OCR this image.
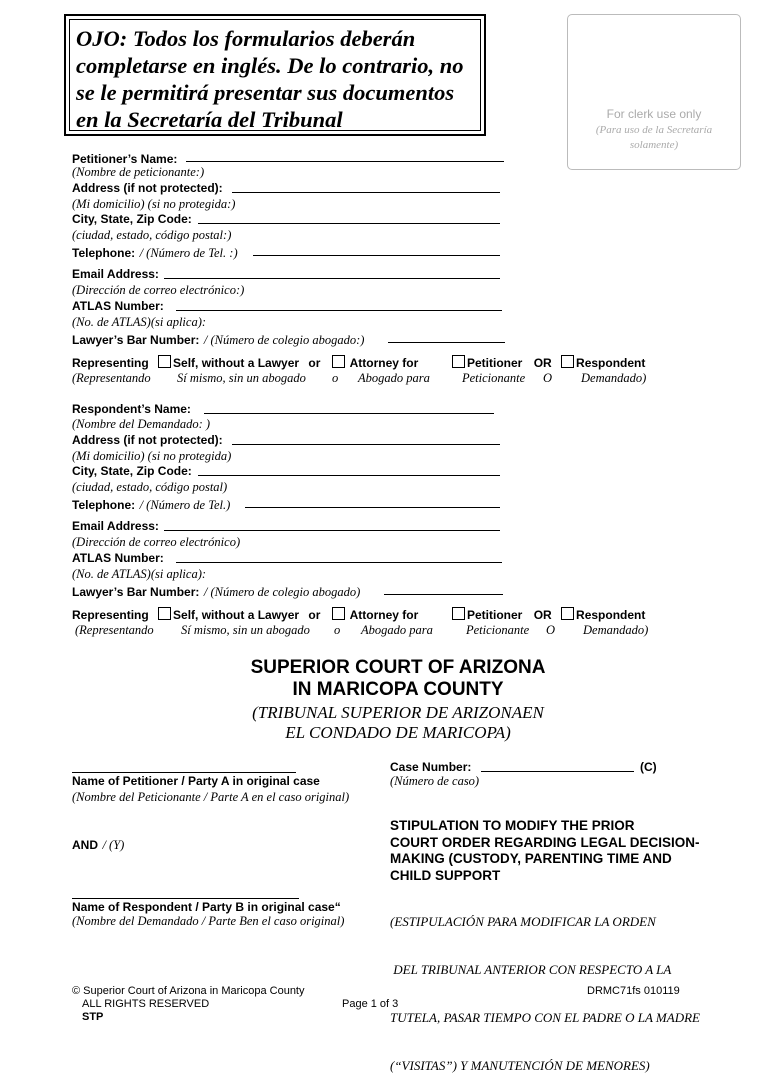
OJO: Todos los formularios deberán
completarse en inglés. De lo contrario, no
se le permitirá presentar sus documentos
en la Secretaría del Tribunal	For clerk use only
(Para uso de la Secretaría
solamente)
Petitioner’s Name:
(Nombre de peticionante:)
Address (if not protected):
(Mi domicilio) (si no protegida:)
City, State, Zip Code:
(ciudad, estado, código postal:)
Telephone: / (Número de Tel. :)
Email Address:
(Dirección de correo electrónico:)
ATLAS Number:
(No. de ATLAS)(si aplica):
Lawyer’s Bar Number: / (Número de colegio abogado:)
Representing Self, without a Lawyer or Attorney for	Petitioner OR Respondent
(Representando Sí mismo, sin un abogado o Abogado para	Peticionante O Demandado)
Respondent’s Name:
(Nombre del Demandado: )
Address (if not protected):
(Mi domicilio) (si no protegida)
City, State, Zip Code:
(ciudad, estado, código postal)
Telephone: / (Número de Tel.)
Email Address:
(Dirección de correo electrónico)
ATLAS Number:
(No. de ATLAS)(si aplica):
Lawyer’s Bar Number: / (Número de colegio abogado)
Representing Self, without a Lawyer or Attorney for	Petitioner OR Respondent
(Representando Sí mismo, sin un abogado o Abogado para	Peticionante O Demandado)
SUPERIOR COURT OF ARIZONA
IN MARICOPA COUNTY
(TRIBUNAL SUPERIOR DE ARIZONAEN
EL CONDADO DE MARICOPA)
Name of Petitioner / Party A in original case
(Nombre del Peticionante / Parte A en el caso original)
AND / (Y)
Name of Respondent / Party B in original case“
(Nombre del Demandado / Parte Ben el caso original)
Case Number:	(C)
(Número de caso)
STIPULATION TO MODIFY THE PRIOR
COURT ORDER REGARDING LEGAL DECISION-
MAKING (CUSTODY, PARENTING TIME AND
CHILD SUPPORT

(ESTIPULACIÓN PARA MODIFICAR LA ORDEN

DEL TRIBUNAL ANTERIOR CON RESPECTO A LA

TUTELA, PASAR TIEMPO CON EL PADRE O LA MADRE

(“VISITAS”) Y MANUTENCIÓN DE MENORES)

© Superior Court of Arizona in Maricopa County
ALL RIGHTS RESERVED
STP
Page 1 of 3
DRMC71fs 010119
